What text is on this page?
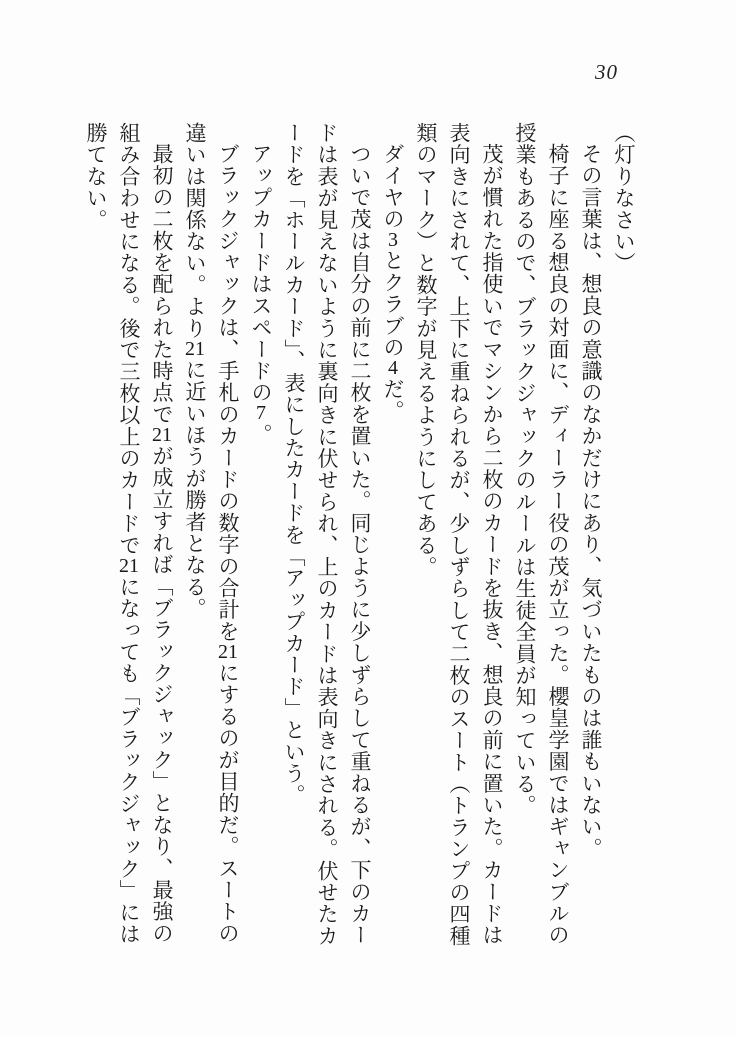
30
（灯りなさい）
その言葉は、想良の意識のなかだけにあり、気づいたものは誰もいない。
椅子に座る想良の対面に、ディーラー役の茂が立った。櫻皇学園ではギャンブルの
授業もあるので、ブラックジャックのルールは生徒全員が知っている。
茂が慣れた指使いでマシンから二枚のカードを抜き、想良の前に置いた。カードは
表向きにされて、上下に重ねられるが、少しずらして二枚のスート（トランプの四種
類のマーク）と数字が見えるようにしてある。
ダイヤの3とクラブの4だ。
ついで茂は自分の前に二枚を置いた。同じように少しずらして重ねるが、下のカー
ドは表が見えないように裏向きに伏せられ、上のカードは表向きにされる。伏せたカ
ードを「ホールカード」、表にしたカードを「アップカード」という。
アップカードはスペードの7。
ブラックジャックは、手札のカードの数字の合計を21にするのが目的だ。スートの
違いは関係ない。より21に近いほうが勝者となる。
最初の二枚を配られた時点で21が成立すれば「ブラックジャック」となり、最強の
組み合わせになる。後で三枚以上のカードで21になっても「ブラックジャック」には
勝てない。
